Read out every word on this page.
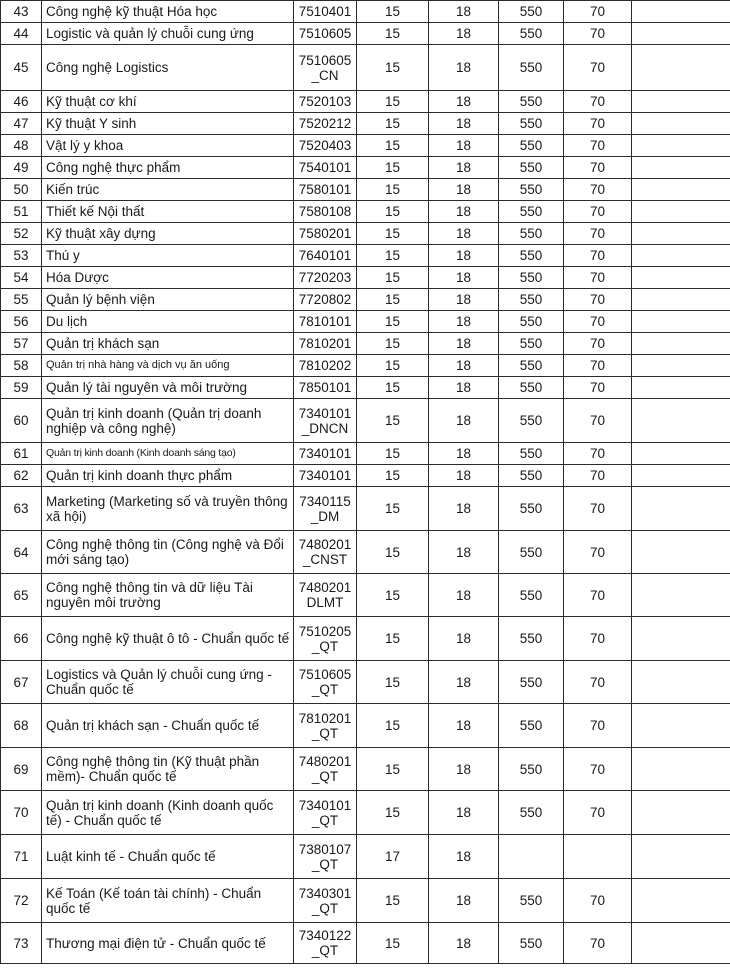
43	Công nghệ kỹ thuật Hóa học	7510401	15	18	550	70	
44	Logistic và quản lý chuỗi cung ứng	7510605	15	18	550	70	
45	Công nghệ Logistics	7510605 _CN	15	18	550	70	
46	Kỹ thuật cơ khí	7520103	15	18	550	70	
47	Kỹ thuật Y sinh	7520212	15	18	550	70	
48	Vật lý y khoa	7520403	15	18	550	70	
49	Công nghệ thực phẩm	7540101	15	18	550	70	
50	Kiến trúc	7580101	15	18	550	70	
51	Thiết kế Nội thất	7580108	15	18	550	70	
52	Kỹ thuật xây dựng	7580201	15	18	550	70	
53	Thú y	7640101	15	18	550	70	
54	Hóa Dược	7720203	15	18	550	70	
55	Quản lý bệnh viện	7720802	15	18	550	70	
56	Du lịch	7810101	15	18	550	70	
57	Quản trị khách sạn	7810201	15	18	550	70	
58	Quản trị nhà hàng và dịch vụ ăn uống	7810202	15	18	550	70	
59	Quản lý tài nguyên và môi trường	7850101	15	18	550	70	
60	Quản trị kinh doanh (Quản trị doanh nghiệp và công nghệ)	7340101 _DNCN	15	18	550	70	
61	Quản trị kinh doanh (Kinh doanh sáng tạo)	7340101	15	18	550	70	
62	Quản trị kinh doanh thực phẩm	7340101	15	18	550	70	
63	Marketing (Marketing số và truyền thông xã hội)	7340115 _DM	15	18	550	70	
64	Công nghệ thông tin (Công nghệ và Đổi mới sáng tạo)	7480201 _CNST	15	18	550	70	
65	Công nghệ thông tin và dữ liệu Tài nguyên môi trường	7480201 DLMT	15	18	550	70	
66	Công nghệ kỹ thuật ô tô - Chuẩn quốc tế	7510205 _QT	15	18	550	70	
67	Logistics và Quản lý chuỗi cung ứng - Chuẩn quốc tế	7510605 _QT	15	18	550	70	
68	Quản trị khách sạn - Chuẩn quốc tế	7810201 _QT	15	18	550	70	
69	Công nghệ thông tin (Kỹ thuật phần mềm)- Chuẩn quốc tế	7480201 _QT	15	18	550	70	
70	Quản trị kinh doanh (Kinh doanh quốc tế) - Chuẩn quốc tế	7340101 _QT	15	18	550	70	
71	Luật kinh tế - Chuẩn quốc tế	7380107 _QT	17	18			
72	Kế Toán (Kế toán tài chính) - Chuẩn quốc tế	7340301 _QT	15	18	550	70	
73	Thương mại điện tử - Chuẩn quốc tế	7340122 _QT	15	18	550	70	
